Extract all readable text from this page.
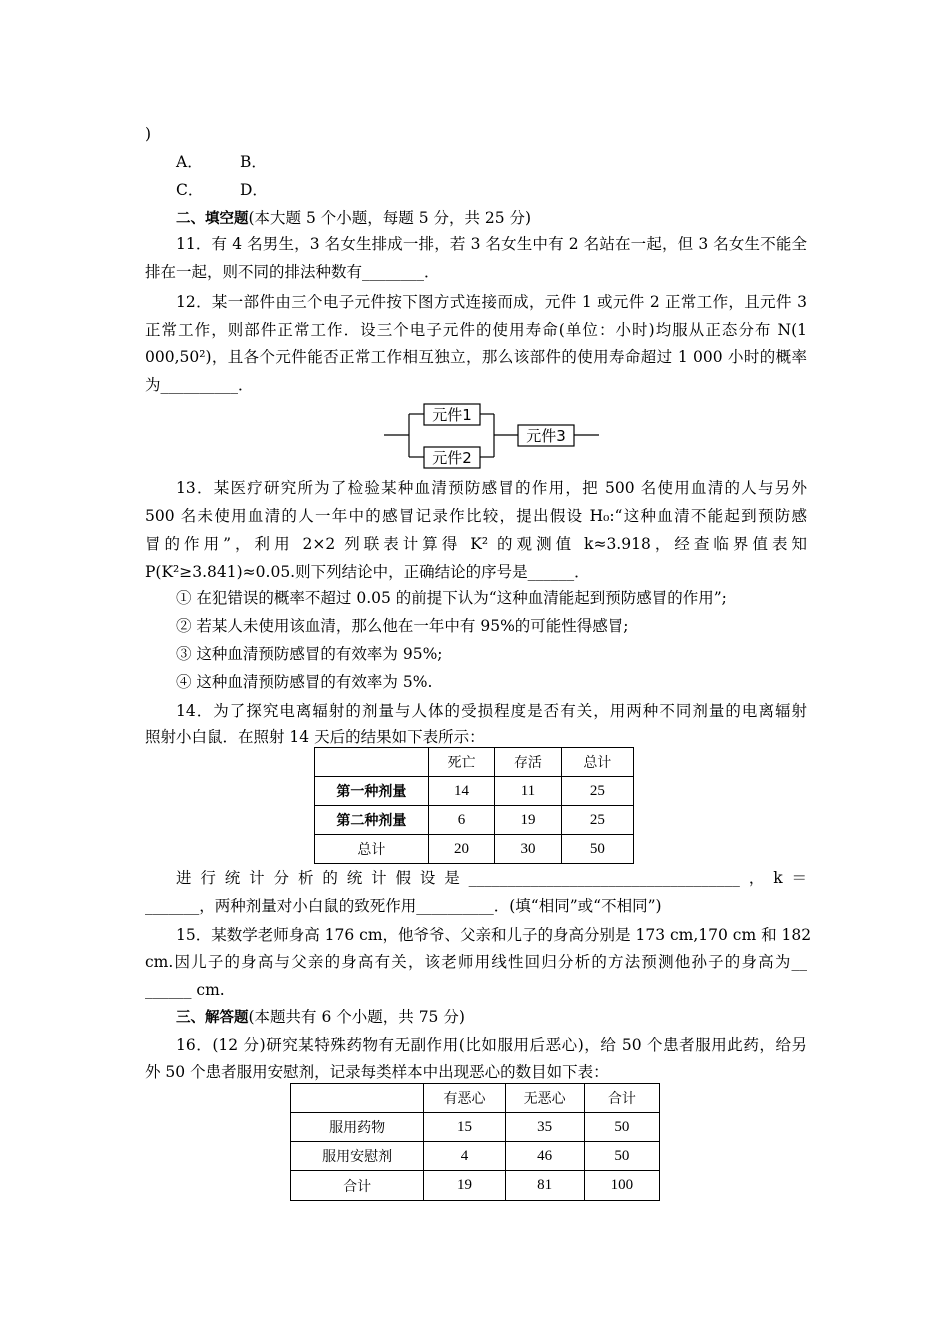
)
A． B．
C． D．
二、填空题(本大题 5 个小题，每题 5 分，共 25 分)
11．有 4 名男生，3 名女生排成一排，若 3 名女生中有 2 名站在一起，但 3 名女生不能全
排在一起，则不同的排法种数有________．
12．某一部件由三个电子元件按下图方式连接而成，元件 1 或元件 2 正常工作，且元件 3
正常工作，则部件正常工作．设三个电子元件的使用寿命(单位：小时)均服从正态分布 N(1
000,50²)，且各个元件能否正常工作相互独立，那么该部件的使用寿命超过 1 000 小时的概率
为__________．
元件1
元件2
元件3
13．某医疗研究所为了检验某种血清预防感冒的作用，把 500 名使用血清的人与另外
500 名未使用血清的人一年中的感冒记录作比较，提出假设 H₀:“这种血清不能起到预防感
冒的作用”，利用 2×2 列联表计算得 K² 的观测值 k≈3.918，经查临界值表知
P(K²≥3.841)≈0.05.则下列结论中，正确结论的序号是______．
① 在犯错误的概率不超过 0.05 的前提下认为“这种血清能起到预防感冒的作用”;
② 若某人未使用该血清，那么他在一年中有 95%的可能性得感冒;
③ 这种血清预防感冒的有效率为 95%;
④ 这种血清预防感冒的有效率为 5%.
14．为了探究电离辐射的剂量与人体的受损程度是否有关，用两种不同剂量的电离辐射
照射小白鼠．在照射 14 天后的结果如下表所示：
	死亡	存活	总计
第一种剂量	14	11	25
第二种剂量	6	19	25
总计	20	30	50
进行统计分析的统计假设是___________________________________，k＝
_______，两种剂量对小白鼠的致死作用__________．(填“相同”或“不相同”)
15．某数学老师身高 176 cm，他爷爷、父亲和儿子的身高分别是 173 cm,170 cm 和 182
cm.因儿子的身高与父亲的身高有关，该老师用线性回归分析的方法预测他孙子的身高为__
______ cm.
三、解答题(本题共有 6 个小题，共 75 分)
16．(12 分)研究某特殊药物有无副作用(比如服用后恶心)，给 50 个患者服用此药，给另
外 50 个患者服用安慰剂，记录每类样本中出现恶心的数目如下表：
	有恶心	无恶心	合计
服用药物	15	35	50
服用安慰剂	4	46	50
合计	19	81	100
